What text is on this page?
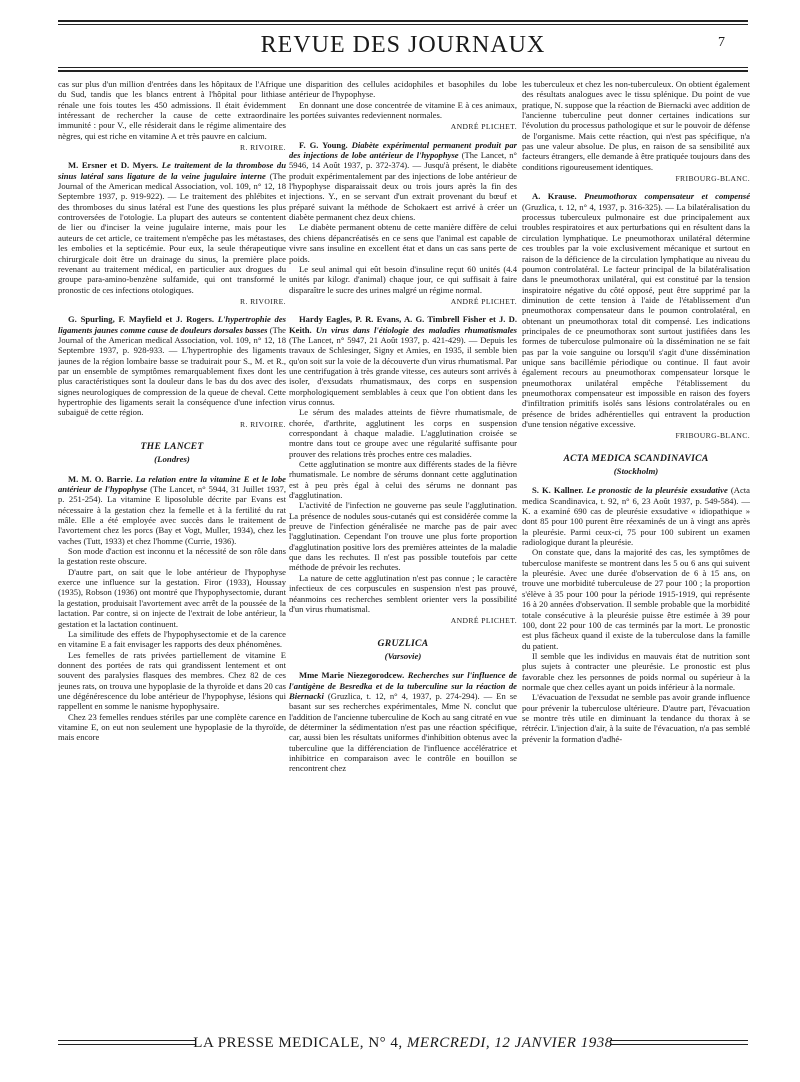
REVUE DES JOURNAUX	7

cas sur plus d'un million d'entrées dans les hôpitaux de l'Afrique du Sud, tandis que les blancs entrent à l'hôpital pour lithiase rénale une fois toutes les 450 admissions. Il était évidemment intéressant de rechercher la cause de cette extraordinaire immunité : pour V., elle résiderait dans le régime alimentaire des nègres, qui est riche en vitamine A et très pauvre en calcium.

R. RIVOIRE.

M. Ersner et D. Myers. Le traitement de la thrombose du sinus latéral sans ligature de la veine jugulaire interne (The Journal of the American medical Association, vol. 109, n° 12, 18 Septembre 1937, p. 919-922). — Le traitement des phlébites et des thromboses du sinus latéral est l'une des questions les plus controversées de l'otologie. La plupart des auteurs se contentent de lier ou d'inciser la veine jugulaire interne, mais pour les auteurs de cet article, ce traitement n'empêche pas les métastases, les embolies et la septicémie. Pour eux, la seule thérapeutique chirurgicale doit être un drainage du sinus, la première place revenant au traitement médical, en particulier aux drogues du groupe para-amino-benzène sulfamide, qui ont transformé le pronostic de ces infections otologiques.

R. RIVOIRE.

G. Spurling, F. Mayfield et J. Rogers. L'hypertrophie des ligaments jaunes comme cause de douleurs dorsales basses (The Journal of the American medical Association, vol. 109, n° 12, 18 Septembre 1937, p. 928-933. — L'hypertrophie des ligaments jaunes de la région lombaire basse se traduirait pour S., M. et R., par un ensemble de symptômes remarquablement fixes dont les plus caractéristiques sont la douleur dans le bas du dos avec des signes neurologiques de compression de la queue de cheval. Cette hypertrophie des ligaments serait la conséquence d'une infection subaiguë de cette région.

R. RIVOIRE.

THE LANCET

(Londres)

M. M. O. Barrie. La relation entre la vitamine E et le lobe antérieur de l'hypophyse (The Lancet, n° 5944, 31 Juillet 1937, p. 251-254). La vitamine E liposoluble décrite par Evans est nécessaire à la gestation chez la femelle et à la fertilité du rat mâle. Elle a été employée avec succès dans le traitement de l'avortement chez les porcs (Bay et Vogt, Muller, 1934), chez les vaches (Tutt, 1933) et chez l'homme (Currie, 1936).

Son mode d'action est inconnu et la nécessité de son rôle dans la gestation reste obscure.

D'autre part, on sait que le lobe antérieur de l'hypophyse exerce une influence sur la gestation. Firor (1933), Houssay (1935), Robson (1936) ont montré que l'hypophysectomie, durant la gestation, produisait l'avortement avec arrêt de la poussée de la lactation. Par contre, si on injecte de l'extrait de lobe antérieur, la gestation et la lactation continuent.

La similitude des effets de l'hypophysectomie et de la carence en vitamine E a fait envisager les rapports des deux phénomènes.

Les femelles de rats privées partiellement de vitamine E donnent des portées de rats qui grandissent lentement et ont souvent des paralysies flasques des membres. Chez 82 de ces jeunes rats, on trouva une hypoplasie de la thyroïde et dans 20 cas une dégénérescence du lobe antérieur de l'hypophyse, lésions qui rappellent en somme le nanisme hypophysaire.

Chez 23 femelles rendues stériles par une complète carence en vitamine E, on eut non seulement une hypoplasie de la thyroïde, mais encore

une disparition des cellules acidophiles et basophiles du lobe antérieur de l'hypophyse.

En donnant une dose concentrée de vitamine E à ces animaux, les portées suivantes redeviennent normales.

ANDRÉ PLICHET.

F. G. Young. Diabète expérimental permanent produit par des injections de lobe antérieur de l'hypophyse (The Lancet, n° 5946, 14 Août 1937, p. 372-374). — Jusqu'à présent, le diabète produit expérimentalement par des injections de lobe antérieur de l'hypophyse disparaissait deux ou trois jours après la fin des injections. Y., en se servant d'un extrait provenant du bœuf et préparé suivant la méthode de Schokaert est arrivé à créer un diabète permanent chez deux chiens.

Le diabète permanent obtenu de cette manière diffère de celui des chiens dépancréatisés en ce sens que l'animal est capable de vivre sans insuline en excellent état et dans un cas sans perte de poids.

Le seul animal qui eût besoin d'insuline reçut 60 unités (4.4 unités par kilogr. d'animal) chaque jour, ce qui suffisait à faire disparaître le sucre des urines malgré un régime normal.

ANDRÉ PLICHET.

Hardy Eagles, P. R. Evans, A. G. Timbrell Fisher et J. D. Keith. Un virus dans l'étiologie des maladies rhumatismales (The Lancet, n° 5947, 21 Août 1937, p. 421-429). — Depuis les travaux de Schlesinger, Signy et Amies, en 1935, il semble bien qu'on soit sur la voie de la découverte d'un virus rhumatismal. Par une centrifugation à très grande vitesse, ces auteurs sont arrivés à isoler, d'exsudats rhumatismaux, des corps en suspension morphologiquement semblables à ceux que l'on obtient dans les virus connus.

Le sérum des malades atteints de fièvre rhumatismale, de chorée, d'arthrite, agglutinent les corps en suspension correspondant à chaque maladie. L'agglutination croisée se montre dans tout ce groupe avec une régularité suffisante pour prouver des relations très proches entre ces maladies.

Cette agglutination se montre aux différents stades de la fièvre rhumatismale. Le nombre de sérums donnant cette agglutination est à peu près égal à celui des sérums ne donnant pas d'agglutination.

L'activité de l'infection ne gouverne pas seule l'agglutination. La présence de nodules sous-cutanés qui est considérée comme la preuve de l'infection généralisée ne marche pas de pair avec l'agglutination. Cependant l'on trouve une plus forte proportion d'agglutination positive lors des premières atteintes de la maladie que dans les rechutes. Il n'est pas possible toutefois par cette méthode de prévoir les rechutes.

La nature de cette agglutination n'est pas connue ; le caractère infectieux de ces corpuscules en suspension n'est pas prouvé, néanmoins ces recherches semblent orienter vers la possibilité d'un virus rhumatismal.

ANDRÉ PLICHET.

GRUZLICA

(Varsovie)

Mme Marie Niezegorodcew. Recherches sur l'influence de l'antigène de Besredka et de la tuberculine sur la réaction de Biernacki (Gruzlica, t. 12, n° 4, 1937, p. 274-294). — En se basant sur ses recherches expérimentales, Mme N. conclut que l'addition de l'ancienne tuberculine de Koch au sang citraté en vue de déterminer la sédimentation n'est pas une réaction spécifique, car, aussi bien les résultats uniformes d'inhibition obtenus avec la tuberculine que la différenciation de l'influence accélératrice et inhibitrice en comparaison avec le contrôle en bouillon se rencontrent chez

les tuberculeux et chez les non-tuberculeux. On obtient également des résultats analogues avec le tissu splénique. Du point de vue pratique, N. suppose que la réaction de Biernacki avec addition de l'ancienne tuberculine peut donner certaines indications sur l'évolution du processus pathologique et sur le pouvoir de défense de l'organisme. Mais cette réaction, qui n'est pas spécifique, n'a pas une valeur absolue. De plus, en raison de sa sensibilité aux facteurs étrangers, elle demande à être pratiquée toujours dans des conditions rigoureusement identiques.

FRIBOURG-BLANC.

A. Krause. Pneumothorax compensateur et compensé (Gruzlica, t. 12, n° 4, 1937, p. 316-325). — La bilatéralisation du processus tuberculeux pulmonaire est due principalement aux troubles respiratoires et aux perturbations qui en résultent dans la circulation lymphatique. Le pneumothorax unilatéral détermine ces troubles par la voie exclusivement mécanique et surtout en raison de la déficience de la circulation lymphatique au niveau du poumon controlatéral. Le facteur principal de la bilatéralisation dans le pneumothorax unilatéral, qui est constitué par la tension inspiratoire négative du côté opposé, peut être supprimé par la diminution de cette tension à l'aide de l'établissement d'un pneumothorax compensateur dans le poumon controlatéral, en obtenant un pneumothorax total dit compensé. Les indications principales de ce pneumothorax sont surtout justifiées dans les formes de tuberculose pulmonaire où la dissémination ne se fait pas par la voie sanguine ou lorsqu'il s'agit d'une dissémination unique sans bacillémie périodique ou continue. Il faut avoir également recours au pneumothorax compensateur lorsque le pneumothorax unilatéral empêche l'établissement du pneumothorax compensateur est impossible en raison des foyers d'infiltration primitifs isolés sans lésions controlatérales ou en présence de brides adhérentielles qui entravent la production d'une tension négative excessive.

FRIBOURG-BLANC.

ACTA MEDICA SCANDINAVICA

(Stockholm)

S. K. Kallner. Le pronostic de la pleurésie exsudative (Acta medica Scandinavica, t. 92, n° 6, 23 Août 1937, p. 549-584). — K. a examiné 690 cas de pleurésie exsudative « idiopathique » dont 85 pour 100 purent être réexaminés de un à vingt ans après la pleurésie. Parmi ceux-ci, 75 pour 100 subirent un examen radiologique durant la pleurésie.

On constate que, dans la majorité des cas, les symptômes de tuberculose manifeste se montrent dans les 5 ou 6 ans qui suivent la pleurésie. Avec une durée d'observation de 6 à 15 ans, on trouve une morbidité tuberculeuse de 27 pour 100 ; la proportion s'élève à 35 pour 100 pour la période 1915-1919, qui représente 16 à 20 années d'observation. Il semble probable que la morbidité totale consécutive à la pleurésie puisse être estimée à 39 pour 100, dont 22 pour 100 de cas terminés par la mort. Le pronostic est plus fâcheux quand il existe de la tuberculose dans la famille du patient.

Il semble que les individus en mauvais état de nutrition sont plus sujets à contracter une pleurésie. Le pronostic est plus favorable chez les personnes de poids normal ou supérieur à la normale que chez celles ayant un poids inférieur à la normale.

L'évacuation de l'exsudat ne semble pas avoir grande influence pour prévenir la tuberculose ultérieure. D'autre part, l'évacuation se montre très utile en diminuant la tendance du thorax à se rétrécir. L'injection d'air, à la suite de l'évacuation, n'a pas semblé prévenir la formation d'adhé-

LA PRESSE MEDICALE, N° 4, MERCREDI, 12 JANVIER 1938
